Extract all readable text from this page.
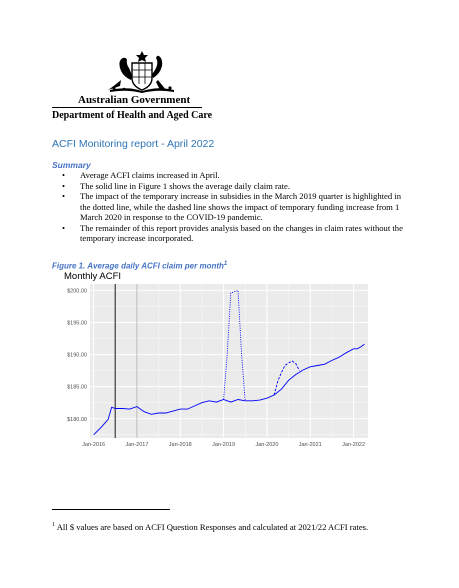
Australian Government
Department of Health and Aged Care
ACFI Monitoring report - April 2022
Summary
• Average ACFI claims increased in April.
• The solid line in Figure 1 shows the average daily claim rate.
• The impact of the temporary increase in subsidies in the March 2019 quarter is highlighted in the dotted line, while the dashed line shows the impact of temporary funding increase from 1 March 2020 in response to the COVID-19 pandemic.
• The remainder of this report provides analysis based on the changes in claim rates without the temporary increase incorporated.
Figure 1. Average daily ACFI claim per month$^1$
Monthly ACFI
$180.00
$185.00
$190.00
$195.00
$200.00
Jan-2016	Jan-2017	Jan-2018	Jan-2019	Jan-2020	Jan-2021	Jan-2022
$^1$ All $ values are based on ACFI Question Responses and calculated at 2021/22 ACFI rates.
